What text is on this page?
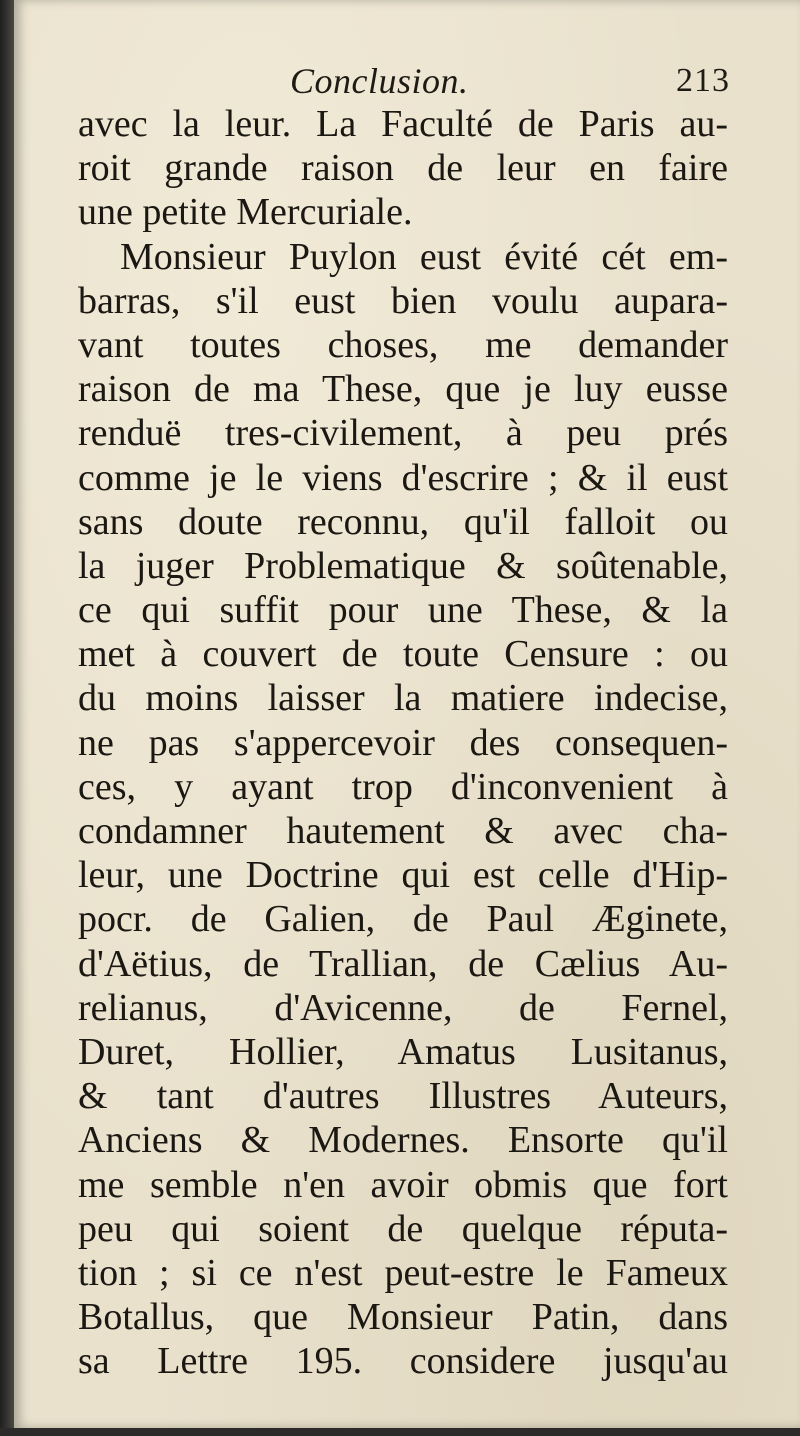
Conclusion.	213
avec la leur. La Faculté de Paris au-
roit grande raison de leur en faire
une petite Mercuriale.
Monsieur Puylon eust évité cét em-
barras, s'il eust bien voulu aupara-
vant toutes choses, me demander
raison de ma These, que je luy eusse
renduë tres-civilement, à peu prés
comme je le viens d'escrire ; & il eust
sans doute reconnu, qu'il falloit ou
la juger Problematique & soûtenable,
ce qui suffit pour une These, & la
met à couvert de toute Censure : ou
du moins laisser la matiere indecise,
ne pas s'appercevoir des consequen-
ces, y ayant trop d'inconvenient à
condamner hautement & avec cha-
leur, une Doctrine qui est celle d'Hip-
pocr. de Galien, de Paul Æginete,
d'Aëtius, de Trallian, de Cælius Au-
relianus, d'Avicenne, de Fernel,
Duret, Hollier, Amatus Lusitanus,
& tant d'autres Illustres Auteurs,
Anciens & Modernes. Ensorte qu'il
me semble n'en avoir obmis que fort
peu qui soient de quelque réputa-
tion ; si ce n'est peut-estre le Fameux
Botallus, que Monsieur Patin, dans
sa Lettre 195. considere jusqu'au
